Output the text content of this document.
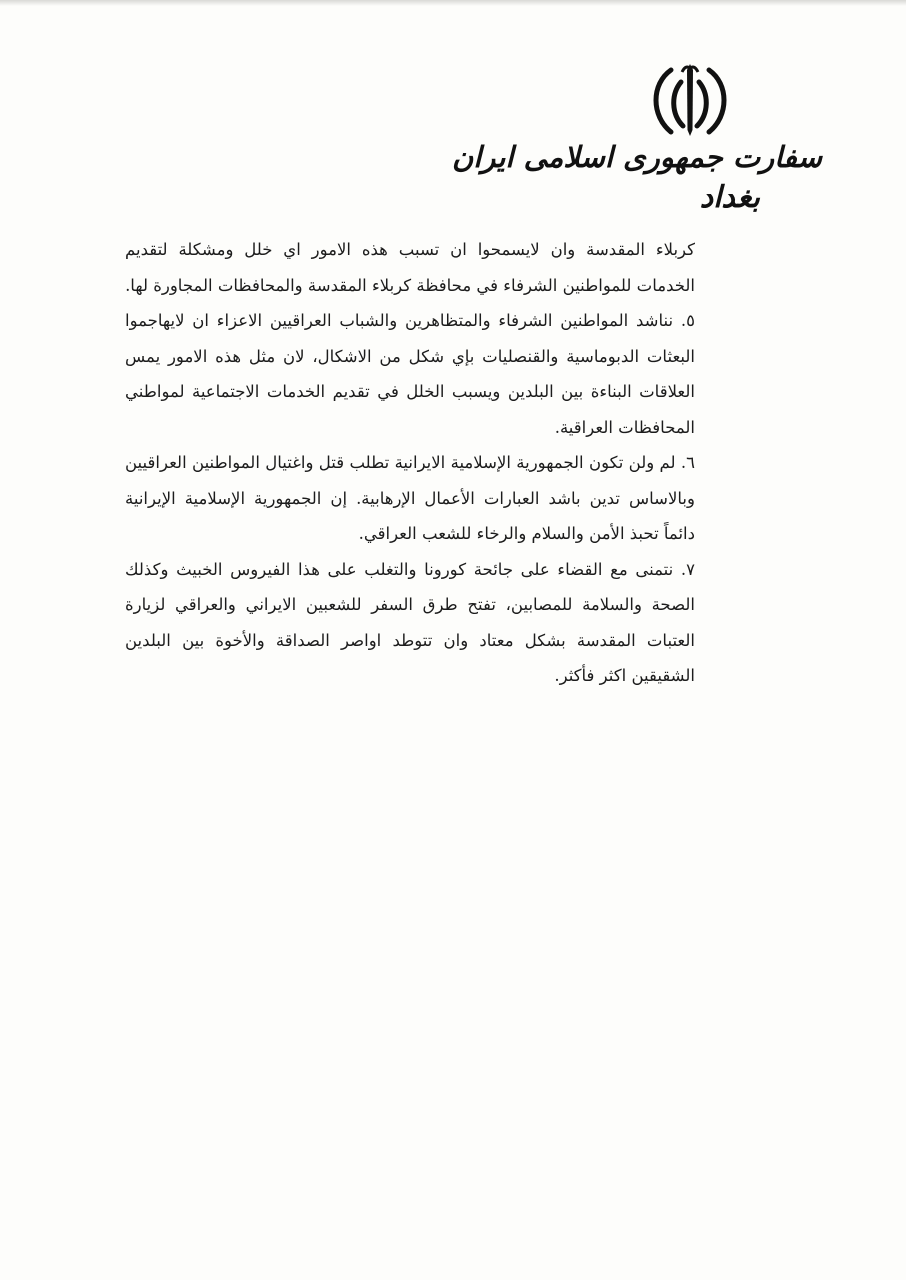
سفارت جمهوری اسلامی ایران
بغداد

كربلاء المقدسة وان لايسمحوا ان تسبب هذه الامور اي خلل ومشكلة لتقديم الخدمات للمواطنين الشرفاء في محافظة كربلاء المقدسة والمحافظات المجاورة لها.

٥. نناشد المواطنين الشرفاء والمتظاهرين والشباب العراقيين الاعزاء ان لايهاجموا البعثات الدبوماسية والقنصليات بإي شكل من الاشكال، لان مثل هذه الامور يمس العلاقات البناءة بين البلدين ويسبب الخلل في تقديم الخدمات الاجتماعية لمواطني المحافظات العراقية.

٦. لم ولن تكون الجمهورية الإسلامية الايرانية تطلب قتل واغتيال المواطنين العراقيين وبالاساس تدين باشد العبارات الأعمال الإرهابية. إن الجمهورية الإسلامية الإيرانية دائماً تحبذ الأمن والسلام والرخاء للشعب العراقي.

٧. نتمنى مع القضاء على جائحة كورونا والتغلب على هذا الفيروس الخبيث وكذلك الصحة والسلامة للمصابين، تفتح طرق السفر للشعبين الايراني والعراقي لزيارة العتبات المقدسة بشكل معتاد وان تتوطد اواصر الصداقة والأخوة بين البلدين الشقيقين اكثر فأكثر.
